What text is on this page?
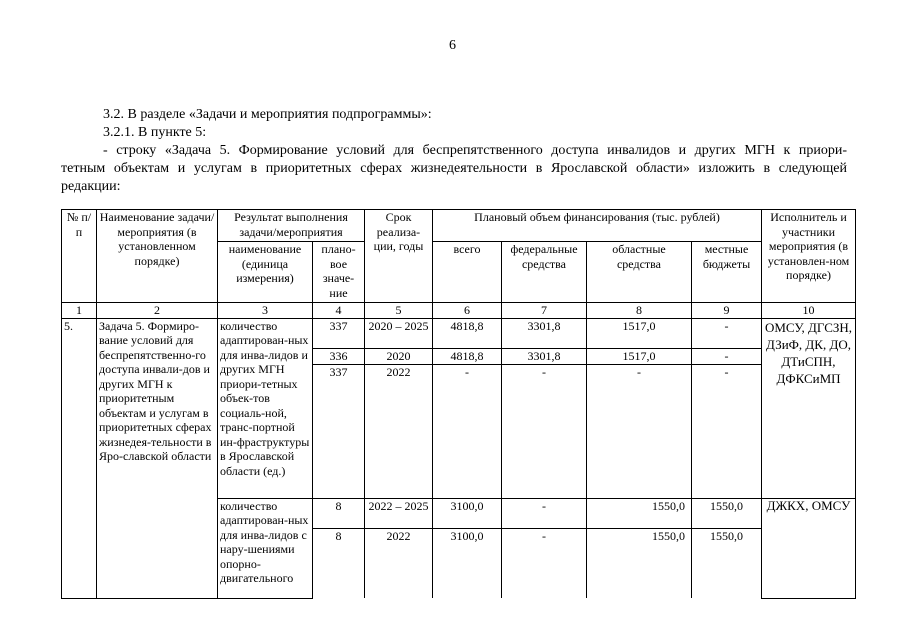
6
3.2. В разделе «Задачи и мероприятия подпрограммы»:
3.2.1. В пункте 5:
- строку «Задача 5. Формирование условий для беспрепятственного доступа инвалидов и других МГН к приори-
тетным объектам и услугам в приоритетных сферах жизнедеятельности в Ярославской области» изложить в следующей
редакции:
№ п/п	Наименование задачи/ мероприятия (в установленном порядке)	Результат выполнения задачи/мероприятия		Срок реализа-ции, годы	Плановый объем финансирования (тыс. рублей)				Исполнитель и участники мероприятия (в установлен-ном порядке)
		наименование (единица измерения)	плано-вое значе-ние		всего	федеральные средства	областные средства	местные бюджеты	
1	2	3	4	5	6	7	8	9	10
5.	Задача 5. Формиро-вание условий для беспрепятственно-го доступа инвали-дов и других МГН к приоритетным объектам и услугам в приоритетных сферах жизнедея-тельности в Яро-славской области	количество адаптирован-ных для инва-лидов и других МГН приори-тетных объек-тов социаль-ной, транс-портной ин-фраструктуры в Ярославской области (ед.)	337	2020 – 2025	4818,8	3301,8	1517,0	-	ОМСУ, ДГСЗН, ДЗиФ, ДК, ДО, ДТиСПН, ДФКСиМП
			336	2020	4818,8	3301,8	1517,0	-	
			337	2022	-	-	-	-	
		количество адаптирован-ных для инва-лидов с нару-шениями опорно-двигательного	8	2022 – 2025	3100,0	-	1550,0	1550,0	ДЖКХ, ОМСУ
			8	2022	3100,0	-	1550,0	1550,0	
